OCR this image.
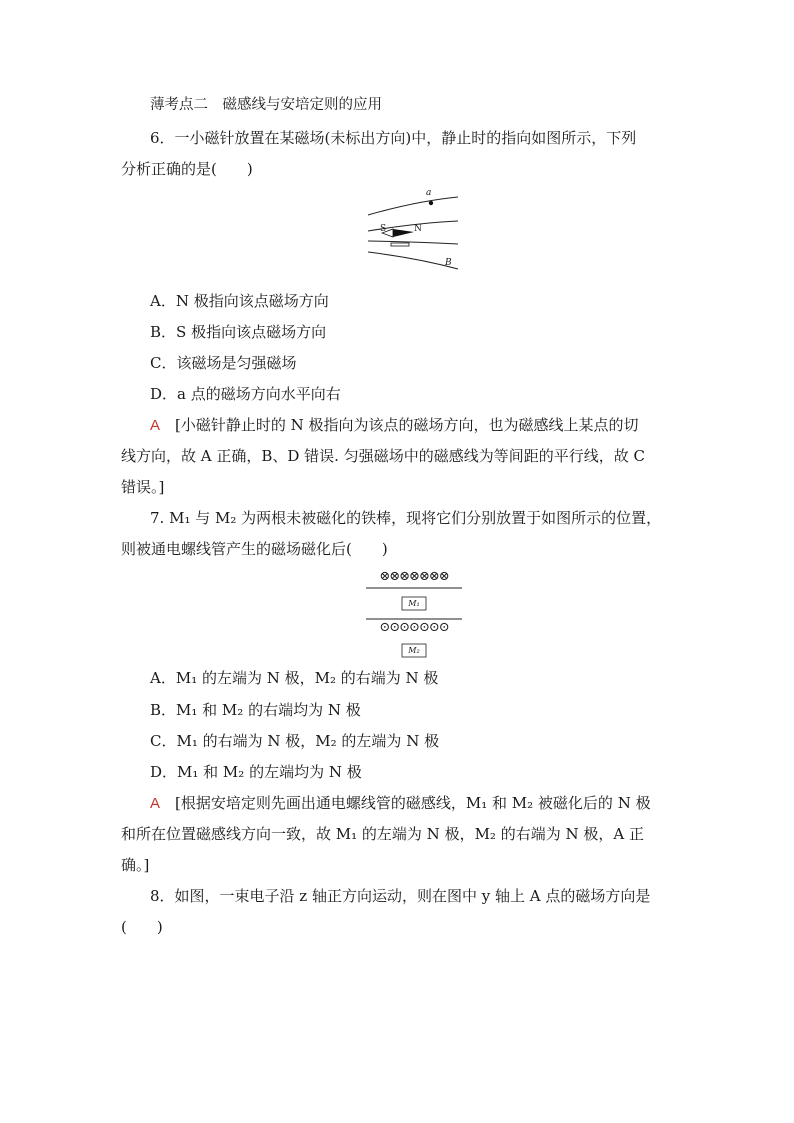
薄考点二　磁感线与安培定则的应用
6．一小磁针放置在某磁场(未标出方向)中，静止时的指向如图所示，下列
分析正确的是(　　)
a
S	N
B
A．N 极指向该点磁场方向
B．S 极指向该点磁场方向
C．该磁场是匀强磁场
D．a 点的磁场方向水平向右
A　 [小磁针静止时的 N 极指向为该点的磁场方向，也为磁感线上某点的切
线方向，故 A 正确，B、D 错误. 匀强磁场中的磁感线为等间距的平行线，故 C
错误。]
7. M₁ 与 M₂ 为两根未被磁化的铁棒，现将它们分别放置于如图所示的位置，
则被通电螺线管产生的磁场磁化后(　　)
⊗⊗⊗⊗⊗⊗⊗
⊙⊙⊙⊙⊙⊙⊙
M₁
M₂
A．M₁ 的左端为 N 极，M₂ 的右端为 N 极
B．M₁ 和 M₂ 的右端均为 N 极
C．M₁ 的右端为 N 极，M₂ 的左端为 N 极
D．M₁ 和 M₂ 的左端均为 N 极
A　 [根据安培定则先画出通电螺线管的磁感线，M₁ 和 M₂ 被磁化后的 N 极
和所在位置磁感线方向一致，故 M₁ 的左端为 N 极，M₂ 的右端为 N 极，A 正
确。]
8．如图，一束电子沿 z 轴正方向运动，则在图中 y 轴上 A 点的磁场方向是
(　　)
